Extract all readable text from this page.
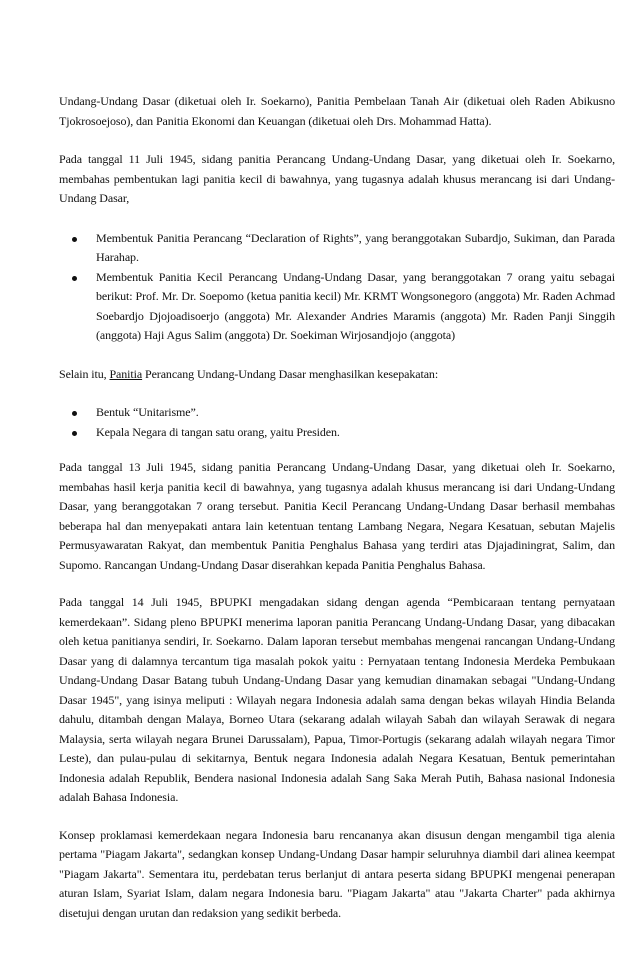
Undang-Undang Dasar (diketuai oleh Ir. Soekarno), Panitia Pembelaan Tanah Air (diketuai oleh Raden Abikusno Tjokrosoejoso), dan Panitia Ekonomi dan Keuangan (diketuai oleh Drs. Mohammad Hatta).

Pada tanggal 11 Juli 1945, sidang panitia Perancang Undang-Undang Dasar, yang diketuai oleh Ir. Soekarno, membahas pembentukan lagi panitia kecil di bawahnya, yang tugasnya adalah khusus merancang isi dari Undang-Undang Dasar,

Membentuk Panitia Perancang “Declaration of Rights”, yang beranggotakan Subardjo, Sukiman, dan Parada Harahap.
Membentuk Panitia Kecil Perancang Undang-Undang Dasar, yang beranggotakan 7 orang yaitu sebagai berikut: Prof. Mr. Dr. Soepomo (ketua panitia kecil) Mr. KRMT Wongsonegoro (anggota) Mr. Raden Achmad Soebardjo Djojoadisoerjo (anggota) Mr. Alexander Andries Maramis (anggota) Mr. Raden Panji Singgih (anggota) Haji Agus Salim (anggota) Dr. Soekiman Wirjosandjojo (anggota)

Selain itu, Panitia Perancang Undang-Undang Dasar menghasilkan kesepakatan:

Bentuk “Unitarisme”.
Kepala Negara di tangan satu orang, yaitu Presiden.

Pada tanggal 13 Juli 1945, sidang panitia Perancang Undang-Undang Dasar, yang diketuai oleh Ir. Soekarno, membahas hasil kerja panitia kecil di bawahnya, yang tugasnya adalah khusus merancang isi dari Undang-Undang Dasar, yang beranggotakan 7 orang tersebut. Panitia Kecil Perancang Undang-Undang Dasar berhasil membahas beberapa hal dan menyepakati antara lain ketentuan tentang Lambang Negara, Negara Kesatuan, sebutan Majelis Permusyawaratan Rakyat, dan membentuk Panitia Penghalus Bahasa yang terdiri atas Djajadiningrat, Salim, dan Supomo. Rancangan Undang-Undang Dasar diserahkan kepada Panitia Penghalus Bahasa.

Pada tanggal 14 Juli 1945, BPUPKI mengadakan sidang dengan agenda “Pembicaraan tentang pernyataan kemerdekaan”. Sidang pleno BPUPKI menerima laporan panitia Perancang Undang-Undang Dasar, yang dibacakan oleh ketua panitianya sendiri, Ir. Soekarno. Dalam laporan tersebut membahas mengenai rancangan Undang-Undang Dasar yang di dalamnya tercantum tiga masalah pokok yaitu : Pernyataan tentang Indonesia Merdeka Pembukaan Undang-Undang Dasar Batang tubuh Undang-Undang Dasar yang kemudian dinamakan sebagai "Undang-Undang Dasar 1945", yang isinya meliputi : Wilayah negara Indonesia adalah sama dengan bekas wilayah Hindia Belanda dahulu, ditambah dengan Malaya, Borneo Utara (sekarang adalah wilayah Sabah dan wilayah Serawak di negara Malaysia, serta wilayah negara Brunei Darussalam), Papua, Timor-Portugis (sekarang adalah wilayah negara Timor Leste), dan pulau-pulau di sekitarnya, Bentuk negara Indonesia adalah Negara Kesatuan, Bentuk pemerintahan Indonesia adalah Republik, Bendera nasional Indonesia adalah Sang Saka Merah Putih, Bahasa nasional Indonesia adalah Bahasa Indonesia.

Konsep proklamasi kemerdekaan negara Indonesia baru rencananya akan disusun dengan mengambil tiga alenia pertama "Piagam Jakarta", sedangkan konsep Undang-Undang Dasar hampir seluruhnya diambil dari alinea keempat "Piagam Jakarta". Sementara itu, perdebatan terus berlanjut di antara peserta sidang BPUPKI mengenai penerapan aturan Islam, Syariat Islam, dalam negara Indonesia baru. "Piagam Jakarta" atau "Jakarta Charter" pada akhirnya disetujui dengan urutan dan redaksion yang sedikit berbeda.
